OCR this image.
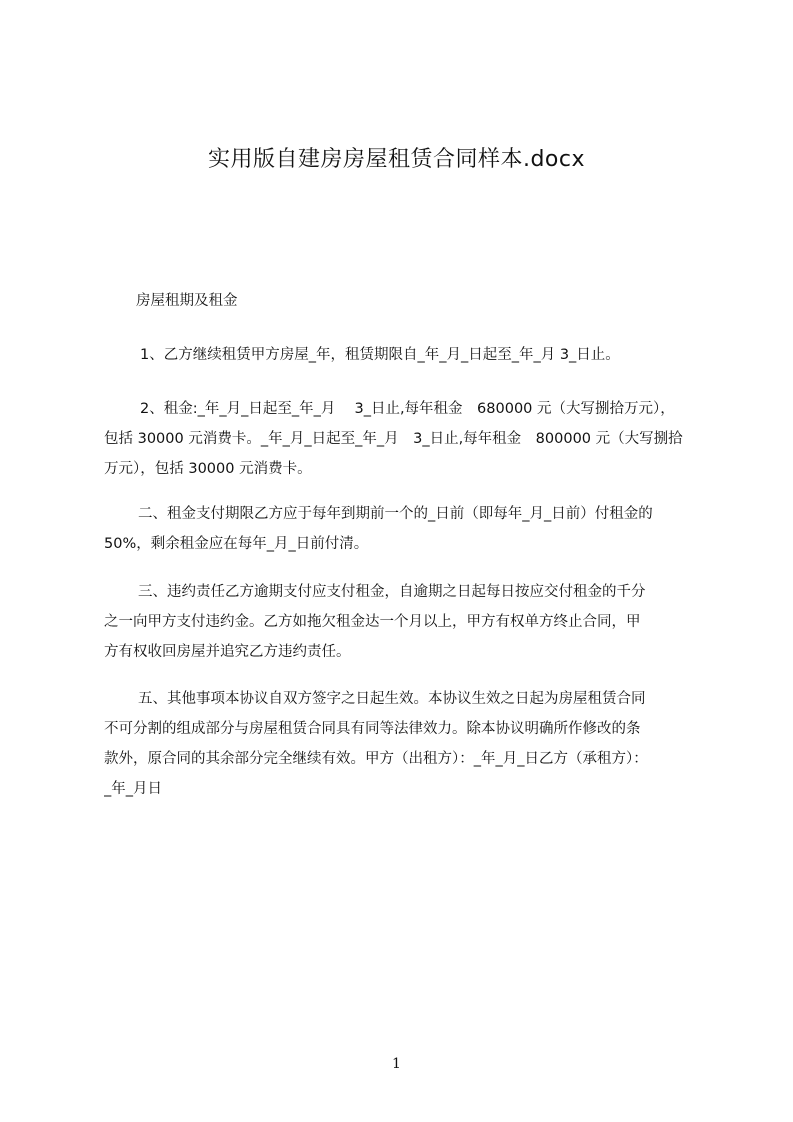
实用版自建房房屋租赁合同样本.docx
房屋租期及租金
1、乙方继续租赁甲方房屋_年，租赁期限自_年_月_日起至_年_月 3_日止。
2、租金:_年_月_日起至_年_月　 3_日止,每年租金　680000 元（大写捌拾万元），
包括 30000 元消费卡。_年_月_日起至_年_月　3_日止,每年租金　800000 元（大写捌拾
万元），包括 30000 元消费卡。
二、租金支付期限乙方应于每年到期前一个的_日前（即每年_月_日前）付租金的
50%，剩余租金应在每年_月_日前付清。
三、违约责任乙方逾期支付应支付租金，自逾期之日起每日按应交付租金的千分
之一向甲方支付违约金。乙方如拖欠租金达一个月以上，甲方有权单方终止合同，甲
方有权收回房屋并追究乙方违约责任。
五、其他事项本协议自双方签字之日起生效。本协议生效之日起为房屋租赁合同
不可分割的组成部分与房屋租赁合同具有同等法律效力。除本协议明确所作修改的条
款外，原合同的其余部分完全继续有效。甲方（出租方）：_年_月_日乙方（承租方）：
_年_月日
1
